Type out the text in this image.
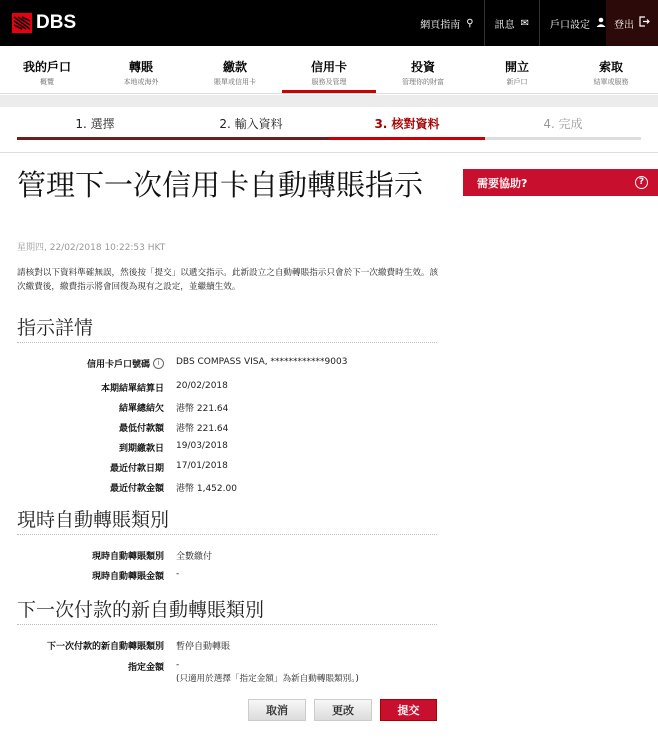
DBS	網頁指南 ⚲ 訊息 ✉ 戶口設定 登出
我的戶口
概覽
轉賬
本地或海外
繳款
賬單或信用卡
信用卡
服務及管理
投資
管理你的財富
開立
新戶口
索取
結單或服務
1. 選擇	2. 輸入資料	3. 核對資料	4. 完成
管理下一次信用卡自動轉賬指示
星期四, 22/02/2018 10:22:53 HKT
請核對以下資料準確無誤，然後按「提交」以遞交指示。此新設立之自動轉賬指示只會於下一次繳費時生效。該次繳費後，繳費指示將會回復為現有之設定，並繼續生效。
指示詳情
信用卡戶口號碼	i	DBS COMPASS VISA, ************9003
本期結單結算日 20/02/2018
結單總結欠 港幣 221.64
最低付款額 港幣 221.64
到期繳款日 19/03/2018
最近付款日期 17/01/2018
最近付款金額 港幣 1,452.00
現時自動轉賬類別
現時自動轉賬類別 全數繳付
現時自動轉賬金額 -
下一次付款的新自動轉賬類別
下一次付款的新自動轉賬類別 暫停自動轉賬
指定金額 -
(只適用於選擇「指定金額」為新自動轉賬類別。)
取消	更改	提交
需要協助?	?
